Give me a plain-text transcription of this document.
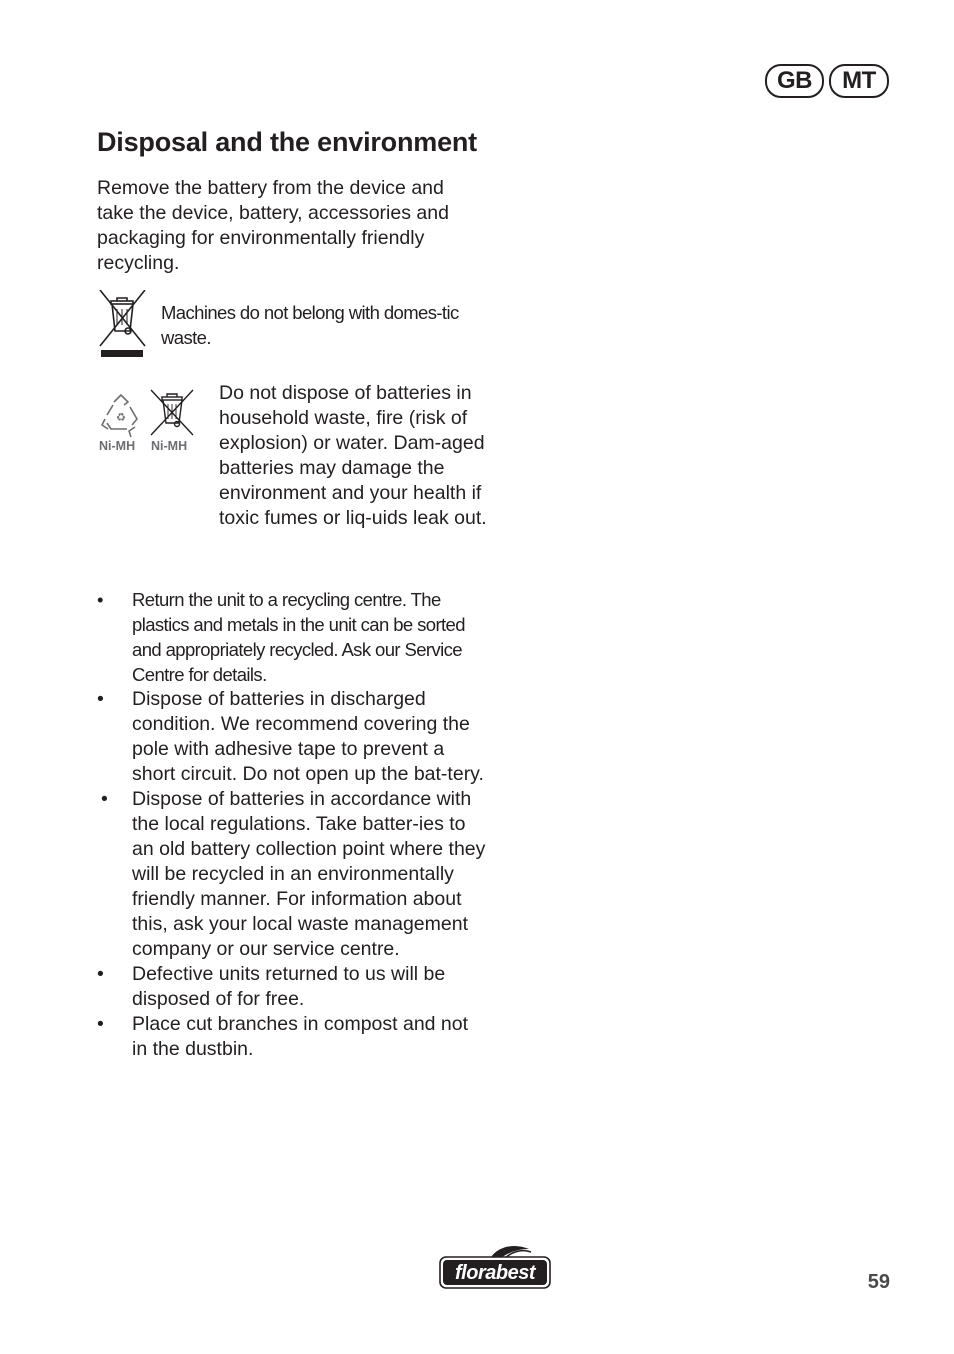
GB	MT
Disposal and the environment

Remove the battery from the device and take the device, battery, accessories and packaging for environmentally friendly recycling.

Machines do not belong with domes-tic waste.
♻
Ni-MH Ni-MH
Do not dispose of batteries in household waste, fire (risk of explosion) or water. Dam-aged batteries may damage the environment and your health if toxic fumes or liq-uids leak out.
• Return the unit to a recycling centre. The plastics and metals in the unit can be sorted and appropriately recycled. Ask our Service Centre for details.
• Dispose of batteries in discharged condition. We recommend covering the pole with adhesive tape to prevent a short circuit. Do not open up the bat-tery.
• Dispose of batteries in accordance with the local regulations. Take batter-ies to an old battery collection point where they will be recycled in an environmentally friendly manner. For information about this, ask your local waste management company or our service centre.
• Defective units returned to us will be disposed of for free.
• Place cut branches in compost and not in the dustbin.
florabest	59
